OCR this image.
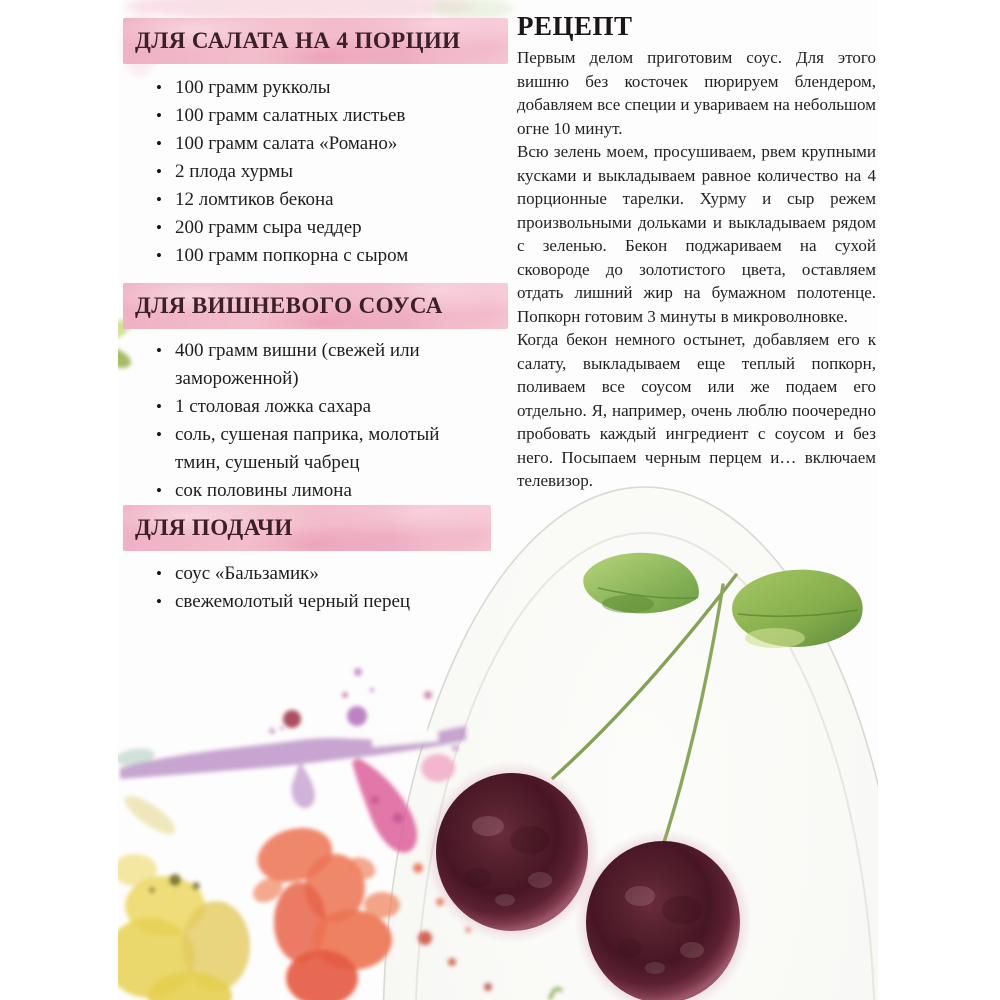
ДЛЯ САЛАТА НА 4 ПОРЦИИ
• 100 грамм рукколы
• 100 грамм салатных листьев
• 100 грамм салата «Романо»
• 2 плода хурмы
• 12 ломтиков бекона
• 200 грамм сыра чеддер
• 100 грамм попкорна с сыром
ДЛЯ ВИШНЕВОГО СОУСА
• 400 грамм вишни (свежей или замороженной)
• 1 столовая ложка сахара
• соль, сушеная паприка, молотый тмин, сушеный чабрец
• сок половины лимона
ДЛЯ ПОДАЧИ
• соус «Бальзамик»
• свежемолотый черный перец
РЕЦЕПТ

Первым делом приготовим соус. Для этого вишню без косточек пюрируем блендером, добавляем все специи и увариваем на небольшом огне 10 минут.

Всю зелень моем, просушиваем, рвем крупными кусками и выкладываем равное количество на 4 порционные тарелки. Хурму и сыр режем произвольными дольками и выкладываем рядом с зеленью. Бекон поджариваем на сухой сковороде до золотистого цвета, оставляем отдать лишний жир на бумажном полотенце. Попкорн готовим 3 минуты в микроволновке.

Когда бекон немного остынет, добавляем его к салату, выкладываем еще теплый попкорн, поливаем все соусом или же подаем его отдельно. Я, например, очень люблю поочередно пробовать каждый ингредиент с соусом и без него. Посыпаем черным перцем и… включаем телевизор.
